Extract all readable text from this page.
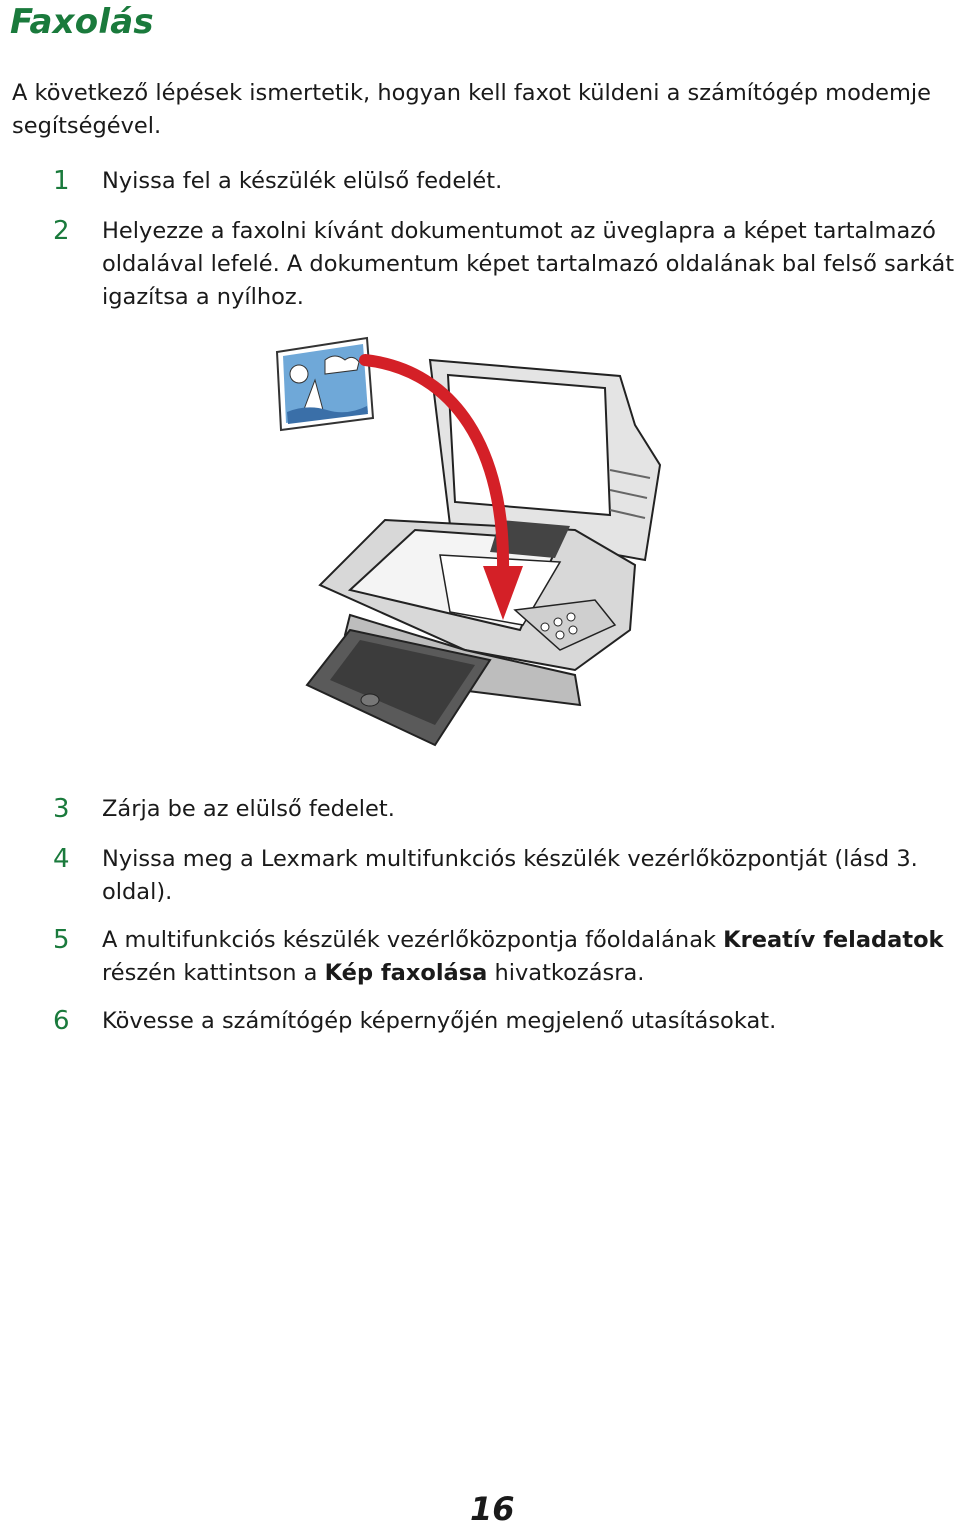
Faxolás

A következő lépések ismertetik, hogyan kell faxot küldeni a számítógép modemje segítségével.

1 Nyissa fel a készülék elülső fedelét.

2 Helyezze a faxolni kívánt dokumentumot az üveglapra a képet tartalmazó oldalával lefelé. A dokumentum képet tartalmazó oldalának bal felső sarkát igazítsa a nyílhoz.

3 Zárja be az elülső fedelet.

4 Nyissa meg a Lexmark multifunkciós készülék vezérlőközpontját (lásd 3. oldal).

5 A multifunkciós készülék vezérlőközpontja főoldalának Kreatív feladatok részén kattintson a Kép faxolása hivatkozásra.

6 Kövesse a számítógép képernyőjén megjelenő utasításokat.

16
